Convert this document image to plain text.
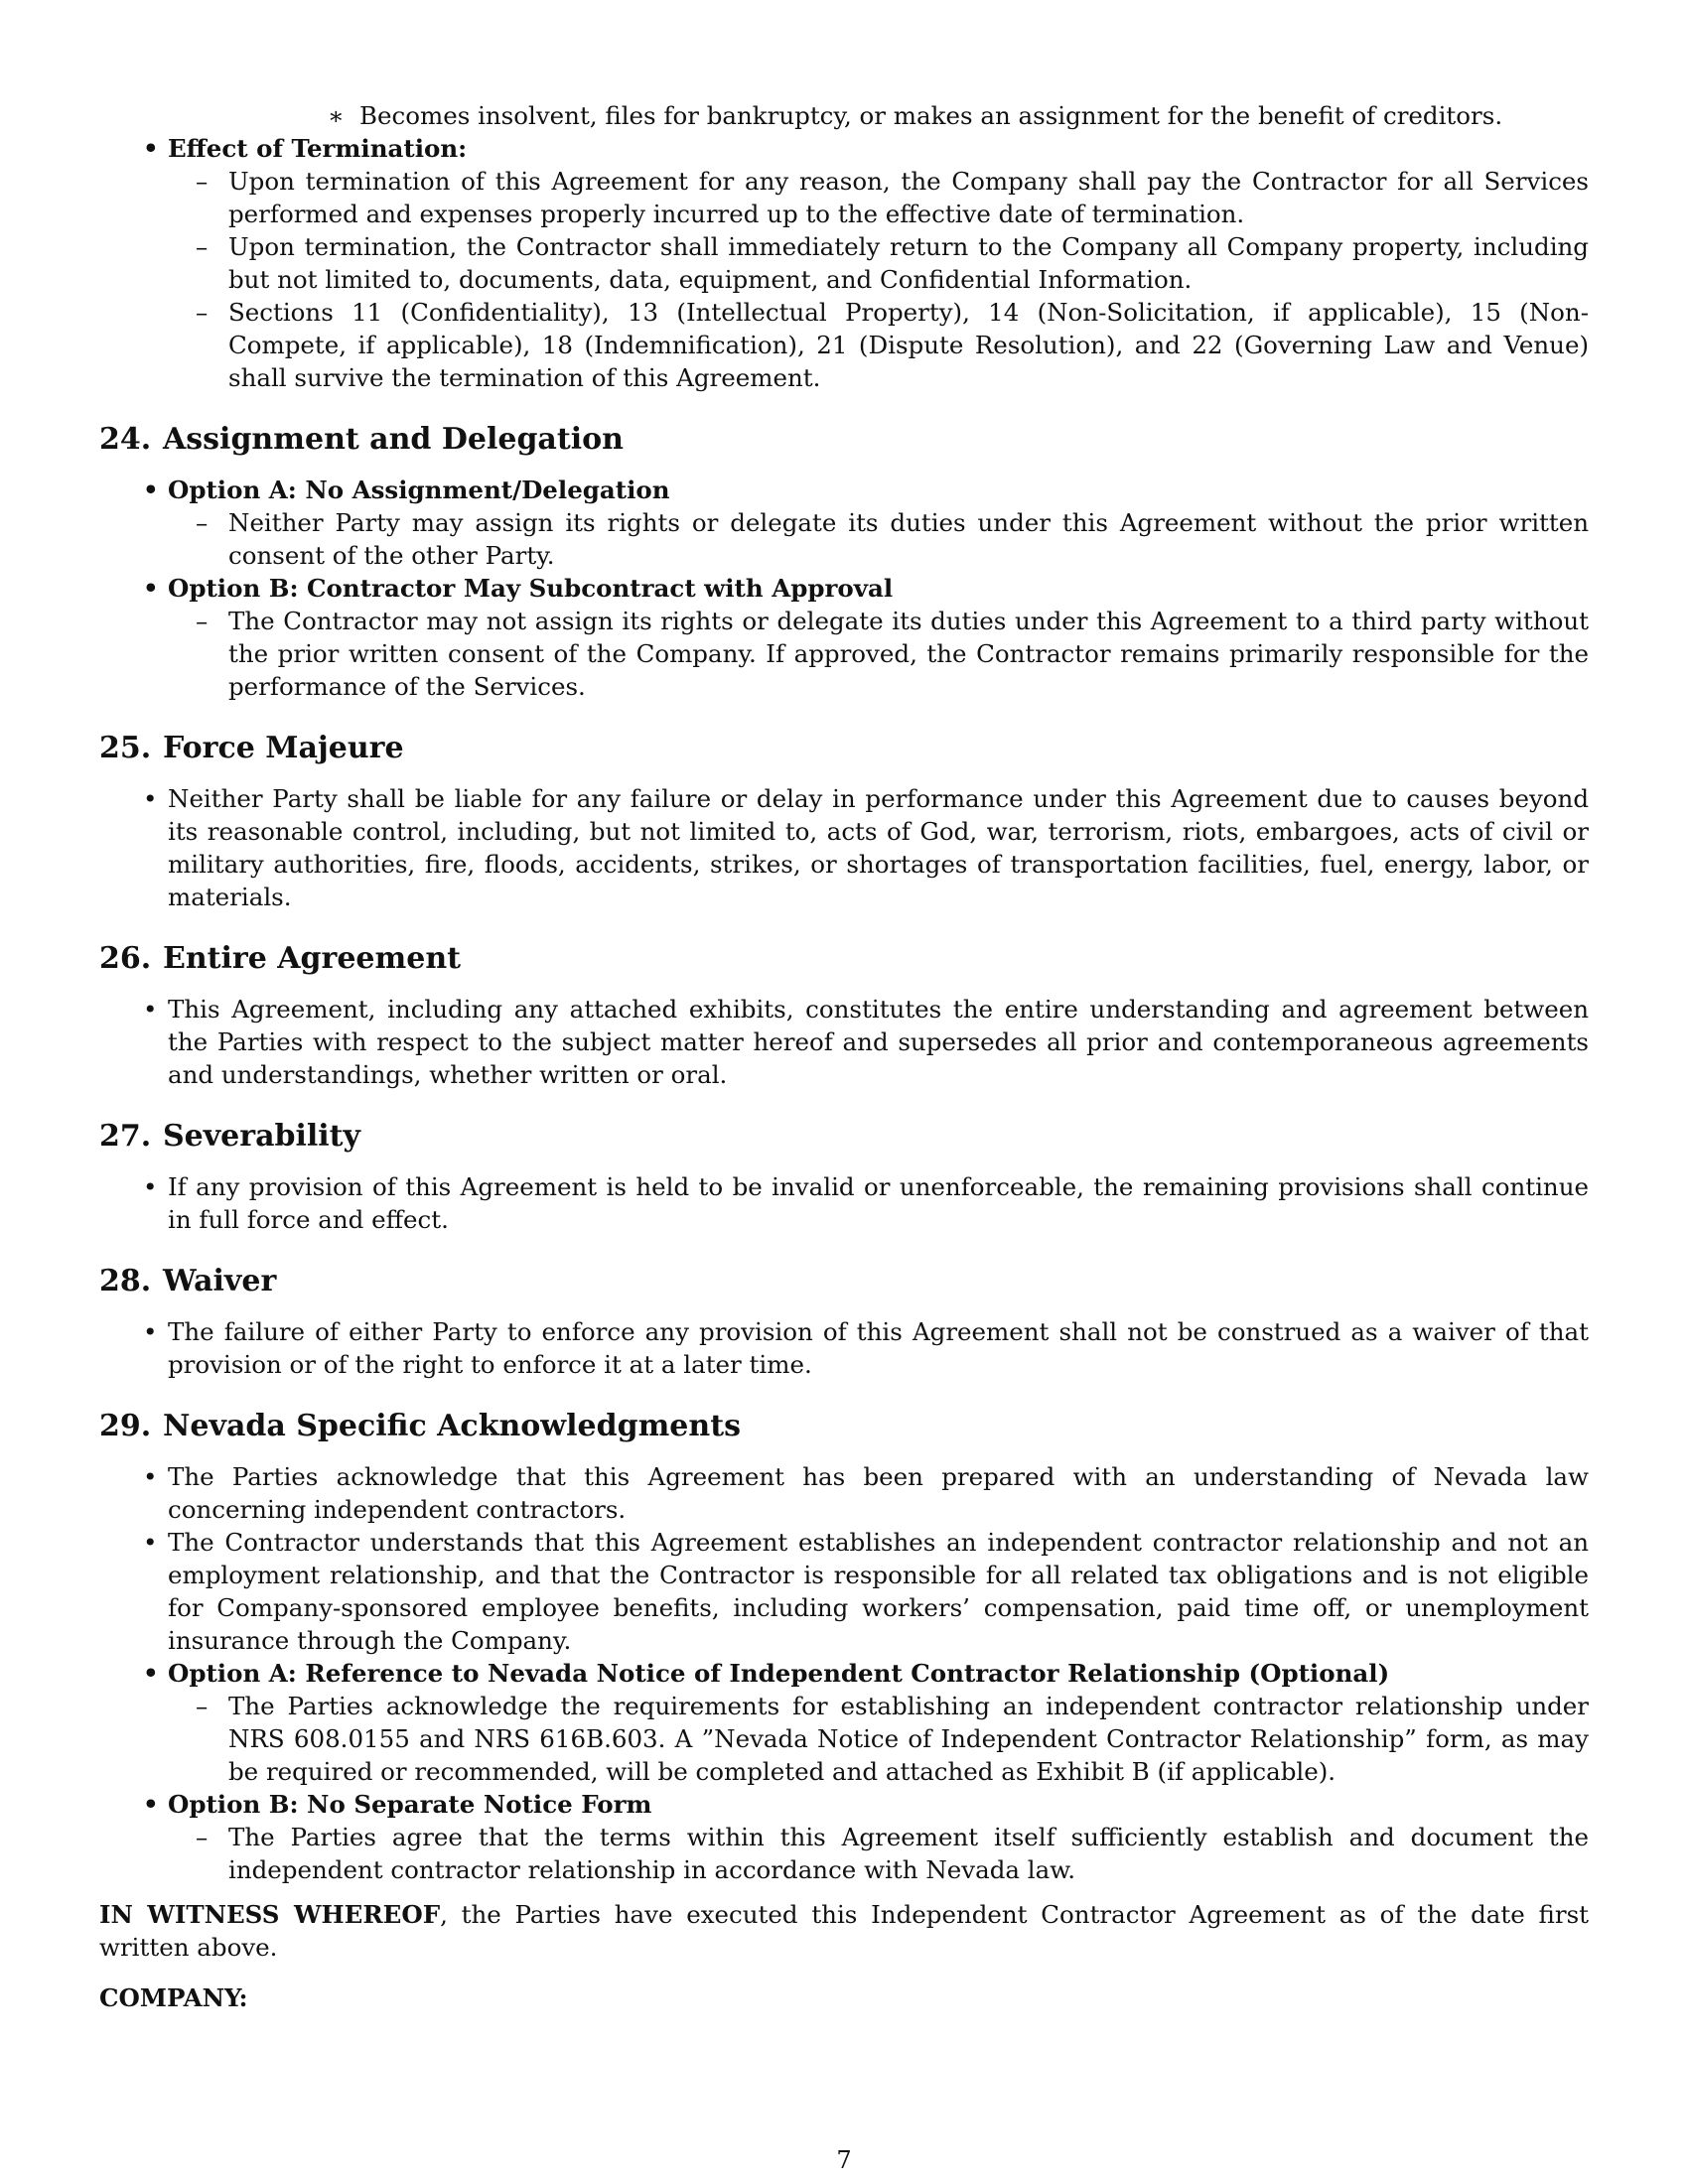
∗ Becomes insolvent, files for bankruptcy, or makes an assignment for the benefit of creditors.
• Effect of Termination:
– Upon termination of this Agreement for any reason, the Company shall pay the Contractor for all Services performed and expenses properly incurred up to the effective date of termination.
– Upon termination, the Contractor shall immediately return to the Company all Company property, including but not limited to, documents, data, equipment, and Confidential Information.
– Sections 11 (Confidentiality), 13 (Intellectual Property), 14 (Non-Solicitation, if applicable), 15 (Non-Compete, if applicable), 18 (Indemnification), 21 (Dispute Resolution), and 22 (Governing Law and Venue) shall survive the termination of this Agreement.
24. Assignment and Delegation
• Option A: No Assignment/Delegation
– Neither Party may assign its rights or delegate its duties under this Agreement without the prior written consent of the other Party.
• Option B: Contractor May Subcontract with Approval
– The Contractor may not assign its rights or delegate its duties under this Agreement to a third party without the prior written consent of the Company. If approved, the Contractor remains primarily responsible for the performance of the Services.
25. Force Majeure
• Neither Party shall be liable for any failure or delay in performance under this Agreement due to causes beyond its reasonable control, including, but not limited to, acts of God, war, terrorism, riots, embargoes, acts of civil or military authorities, fire, floods, accidents, strikes, or shortages of transportation facilities, fuel, energy, labor, or materials.
26. Entire Agreement
• This Agreement, including any attached exhibits, constitutes the entire understanding and agreement between the Parties with respect to the subject matter hereof and supersedes all prior and contemporaneous agreements and understandings, whether written or oral.
27. Severability
• If any provision of this Agreement is held to be invalid or unenforceable, the remaining provisions shall continue in full force and effect.
28. Waiver
• The failure of either Party to enforce any provision of this Agreement shall not be construed as a waiver of that provision or of the right to enforce it at a later time.
29. Nevada Specific Acknowledgments
• The Parties acknowledge that this Agreement has been prepared with an understanding of Nevada law concerning independent contractors.
• The Contractor understands that this Agreement establishes an independent contractor relationship and not an employment relationship, and that the Contractor is responsible for all related tax obligations and is not eligible for Company-sponsored employee benefits, including workers’ compensation, paid time off, or unemployment insurance through the Company.
• Option A: Reference to Nevada Notice of Independent Contractor Relationship (Optional)
– The Parties acknowledge the requirements for establishing an independent contractor relationship under NRS 608.0155 and NRS 616B.603. A ”Nevada Notice of Independent Contractor Relationship” form, as may be required or recommended, will be completed and attached as Exhibit B (if applicable).
• Option B: No Separate Notice Form
– The Parties agree that the terms within this Agreement itself sufficiently establish and document the independent contractor relationship in accordance with Nevada law.

IN WITNESS WHEREOF, the Parties have executed this Independent Contractor Agreement as of the date first written above.

COMPANY:

7
